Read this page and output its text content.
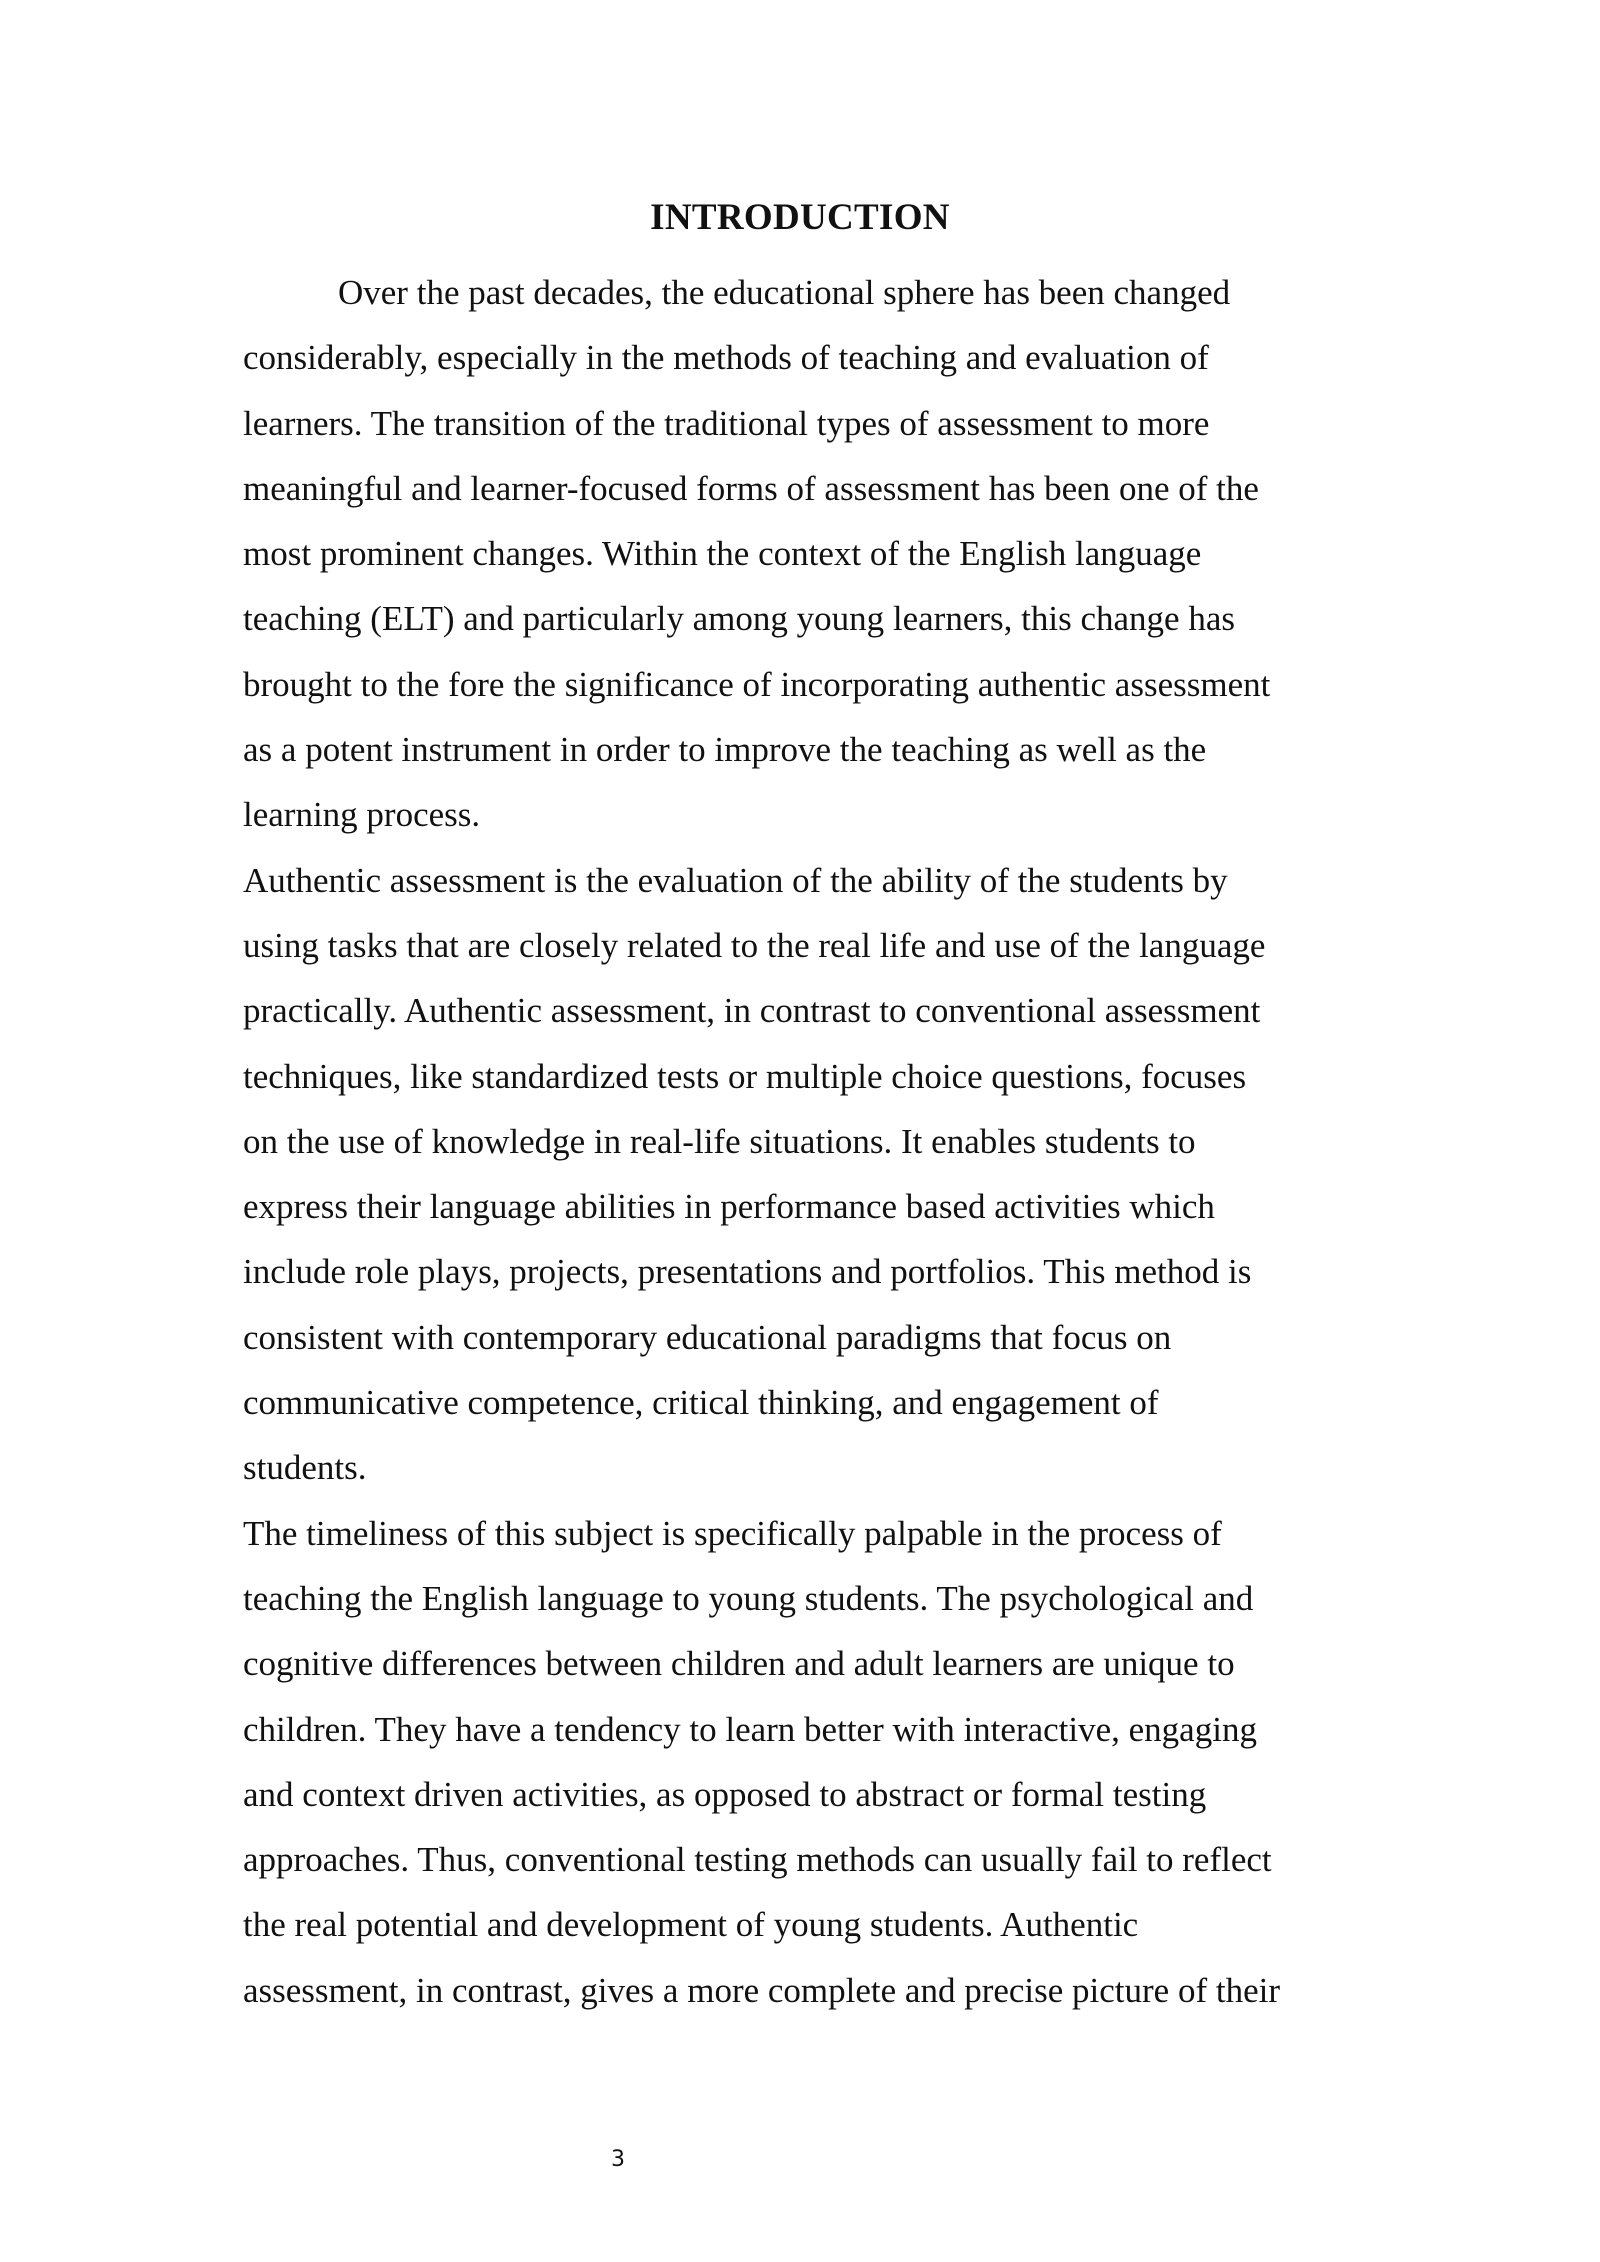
INTRODUCTION
Over the past decades, the educational sphere has been changed
considerably, especially in the methods of teaching and evaluation of
learners. The transition of the traditional types of assessment to more
meaningful and learner-focused forms of assessment has been one of the
most prominent changes. Within the context of the English language
teaching (ELT) and particularly among young learners, this change has
brought to the fore the significance of incorporating authentic assessment
as a potent instrument in order to improve the teaching as well as the
learning process.
Authentic assessment is the evaluation of the ability of the students by
using tasks that are closely related to the real life and use of the language
practically. Authentic assessment, in contrast to conventional assessment
techniques, like standardized tests or multiple choice questions, focuses
on the use of knowledge in real-life situations. It enables students to
express their language abilities in performance based activities which
include role plays, projects, presentations and portfolios. This method is
consistent with contemporary educational paradigms that focus on
communicative competence, critical thinking, and engagement of
students.
The timeliness of this subject is specifically palpable in the process of
teaching the English language to young students. The psychological and
cognitive differences between children and adult learners are unique to
children. They have a tendency to learn better with interactive, engaging
and context driven activities, as opposed to abstract or formal testing
approaches. Thus, conventional testing methods can usually fail to reflect
the real potential and development of young students. Authentic
assessment, in contrast, gives a more complete and precise picture of their
3
